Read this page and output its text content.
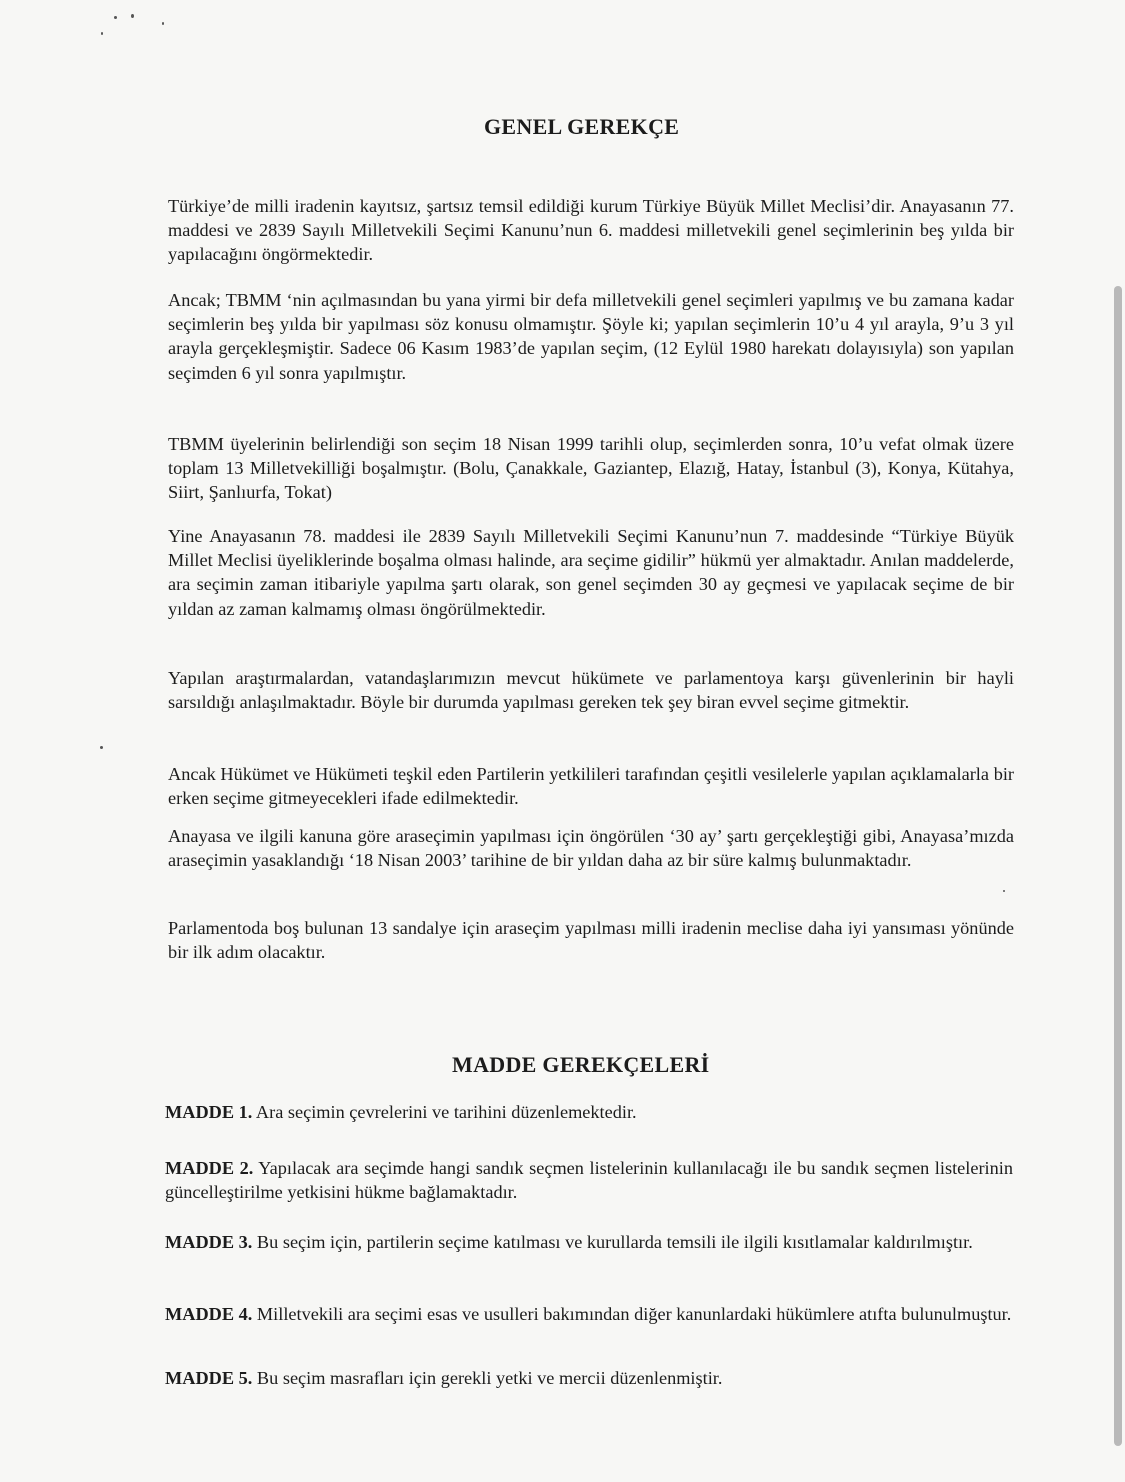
GENEL GEREKÇE

Türkiye’de milli iradenin kayıtsız, şartsız temsil edildiği kurum Türkiye Büyük Millet Meclisi’dir. Anayasanın 77. maddesi ve 2839 Sayılı Milletvekili Seçimi Kanunu’nun 6. maddesi milletvekili genel seçimlerinin beş yılda bir yapılacağını öngörmektedir.

Ancak; TBMM ‘nin açılmasından bu yana yirmi bir defa milletvekili genel seçimleri yapılmış ve bu zamana kadar seçimlerin beş yılda bir yapılması söz konusu olmamıştır. Şöyle ki; yapılan seçimlerin 10’u 4 yıl arayla, 9’u 3 yıl arayla gerçekleşmiştir. Sadece 06 Kasım 1983’de yapılan seçim, (12 Eylül 1980 harekatı dolayısıyla) son yapılan seçimden 6 yıl sonra yapılmıştır.

TBMM üyelerinin belirlendiği son seçim 18 Nisan 1999 tarihli olup, seçimlerden sonra, 10’u vefat olmak üzere toplam 13 Milletvekilliği boşalmıştır. (Bolu, Çanakkale, Gaziantep, Elazığ, Hatay, İstanbul (3), Konya, Kütahya, Siirt, Şanlıurfa, Tokat)

Yine Anayasanın 78. maddesi ile 2839 Sayılı Milletvekili Seçimi Kanunu’nun 7. maddesinde “Türkiye Büyük Millet Meclisi üyeliklerinde boşalma olması halinde, ara seçime gidilir” hükmü yer almaktadır. Anılan maddelerde, ara seçimin zaman itibariyle yapılma şartı olarak, son genel seçimden 30 ay geçmesi ve yapılacak seçime de bir yıldan az zaman kalmamış olması öngörülmektedir.

Yapılan araştırmalardan, vatandaşlarımızın mevcut hükümete ve parlamentoya karşı güvenlerinin bir hayli sarsıldığı anlaşılmaktadır. Böyle bir durumda yapılması gereken tek şey biran evvel seçime gitmektir.

Ancak Hükümet ve Hükümeti teşkil eden Partilerin yetkilileri tarafından çeşitli vesilelerle yapılan açıklamalarla bir erken seçime gitmeyecekleri ifade edilmektedir.

Anayasa ve ilgili kanuna göre araseçimin yapılması için öngörülen ‘30 ay’ şartı gerçekleştiği gibi, Anayasa’mızda araseçimin yasaklandığı ‘18 Nisan 2003’ tarihine de bir yıldan daha az bir süre kalmış bulunmaktadır.

Parlamentoda boş bulunan 13 sandalye için araseçim yapılması milli iradenin meclise daha iyi yansıması yönünde bir ilk adım olacaktır.

MADDE GEREKÇELERİ

MADDE 1. Ara seçimin çevrelerini ve tarihini düzenlemektedir.

MADDE 2. Yapılacak ara seçimde hangi sandık seçmen listelerinin kullanılacağı ile bu sandık seçmen listelerinin güncelleştirilme yetkisini hükme bağlamaktadır.

MADDE 3. Bu seçim için, partilerin seçime katılması ve kurullarda temsili ile ilgili kısıtlamalar kaldırılmıştır.

MADDE 4. Milletvekili ara seçimi esas ve usulleri bakımından diğer kanunlardaki hükümlere atıfta bulunulmuştur.

MADDE 5. Bu seçim masrafları için gerekli yetki ve mercii düzenlenmiştir.
